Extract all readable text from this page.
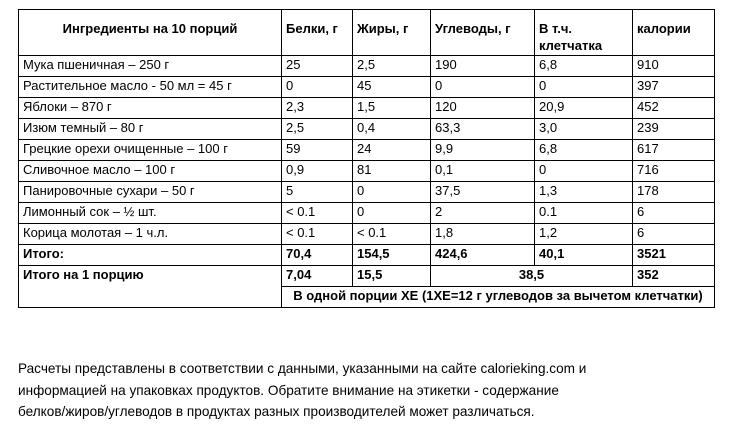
Ингредиенты на 10 порций	Белки, г	Жиры, г	Углеводы, г	В т.ч. клетчатка	калории
Мука пшеничная – 250 г	25	2,5	190	6,8	910
Растительное масло - 50 мл = 45 г	0	45	0	0	397
Яблоки – 870 г	2,3	1,5	120	20,9	452
Изюм темный – 80 г	2,5	0,4	63,3	3,0	239
Грецкие орехи очищенные – 100 г	59	24	9,9	6,8	617
Сливочное масло – 100 г	0,9	81	0,1	0	716
Панировочные сухари – 50 г	5	0	37,5	1,3	178
Лимонный сок – ½ шт.	< 0.1	0	2	0.1	6
Корица молотая – 1 ч.л.	< 0.1	< 0.1	1,8	1,2	6
Итого:	70,4	154,5	424,6	40,1	3521
Итого на 1 порцию	7,04	15,5	38,5		352
	В одной порции ХЕ (1ХЕ=12 г углеводов за вычетом клетчатки)				

Расчеты представлены в соответствии с данными, указанными на сайте calorieking.com и

информацией на упаковках продуктов. Обратите внимание на этикетки - содержание

белков/жиров/углеводов в продуктах разных производителей может различаться.
